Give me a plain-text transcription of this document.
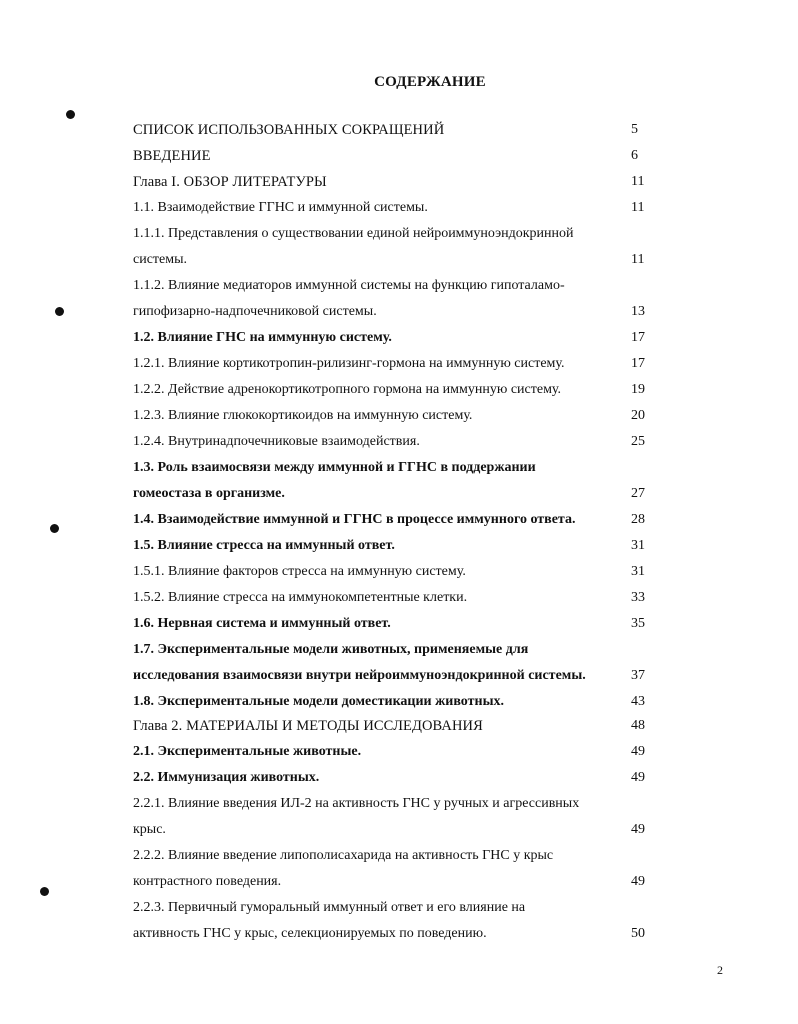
СОДЕРЖАНИЕ
СПИСОК ИСПОЛЬЗОВАННЫХ СОКРАЩЕНИЙ	5
ВВЕДЕНИЕ	6
Глава I. ОБЗОР ЛИТЕРАТУРЫ	11
1.1. Взаимодействие ГГНС и иммунной системы.	11
1.1.1. Представления о существовании единой нейроиммуноэндокринной
системы.	11
1.1.2. Влияние медиаторов иммунной системы на функцию гипоталамо-
гипофизарно-надпочечниковой системы.	13
1.2. Влияние ГНС на иммунную систему.	17
1.2.1. Влияние кортикотропин-рилизинг-гормона на иммунную систему.	17
1.2.2. Действие адренокортикотропного гормона на иммунную систему.	19
1.2.3. Влияние глюкокортикоидов на иммунную систему.	20
1.2.4. Внутринадпочечниковые взаимодействия.	25
1.3. Роль взаимосвязи между иммунной и ГГНС в поддержании
гомеостаза в организме.	27
1.4. Взаимодействие иммунной и ГГНС в процессе иммунного ответа.	28
1.5. Влияние стресса на иммунный ответ.	31
1.5.1. Влияние факторов стресса на иммунную систему.	31
1.5.2. Влияние стресса на иммунокомпетентные клетки.	33
1.6. Нервная система и иммунный ответ.	35
1.7. Экспериментальные модели животных, применяемые для
исследования взаимосвязи внутри нейроиммуноэндокринной системы.	37
1.8. Экспериментальные модели доместикации животных.	43
Глава 2. МАТЕРИАЛЫ И МЕТОДЫ ИССЛЕДОВАНИЯ	48
2.1. Экспериментальные животные.	49
2.2. Иммунизация животных.	49
2.2.1. Влияние введения ИЛ-2 на активность ГНС у ручных и агрессивных
крыс.	49
2.2.2. Влияние введение липополисахарида на активность ГНС у крыс
контрастного поведения.	49
2.2.3. Первичный гуморальный иммунный ответ и его влияние на
активность ГНС у крыс, селекционируемых по поведению.	50
2
